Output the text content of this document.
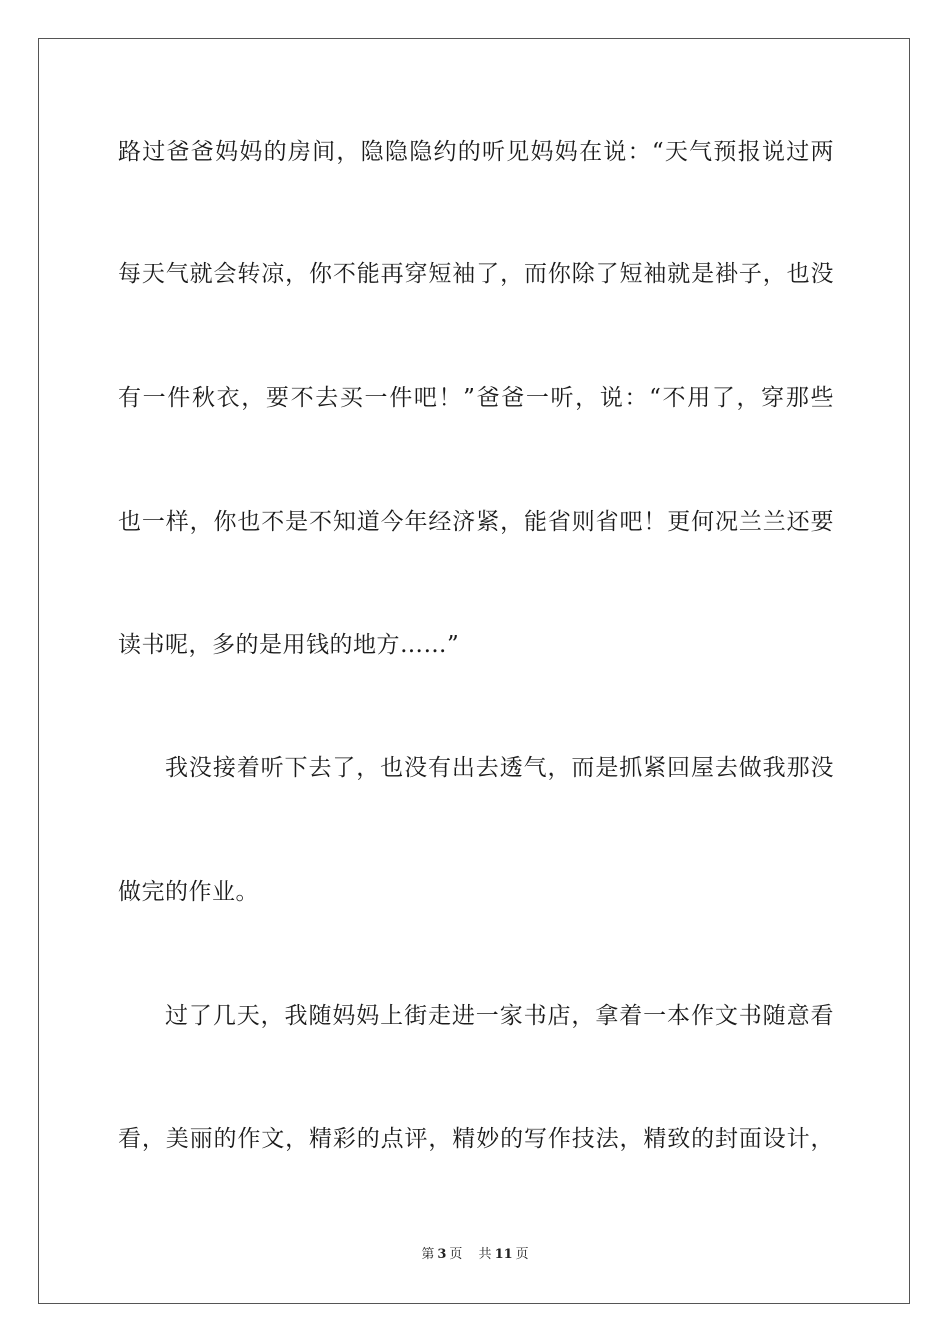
路过爸爸妈妈的房间，隐隐隐约的听见妈妈在说：“天气预报说过两
每天气就会转凉，你不能再穿短袖了，而你除了短袖就是褂子，也没
有一件秋衣，要不去买一件吧！”爸爸一听，说：“不用了，穿那些
也一样，你也不是不知道今年经济紧，能省则省吧！更何况兰兰还要
读书呢，多的是用钱的地方……”
我没接着听下去了，也没有出去透气，而是抓紧回屋去做我那没
做完的作业。
过了几天，我随妈妈上街走进一家书店，拿着一本作文书随意看
看，美丽的作文，精彩的点评，精妙的写作技法，精致的封面设计，
第 3 页 共 11 页
